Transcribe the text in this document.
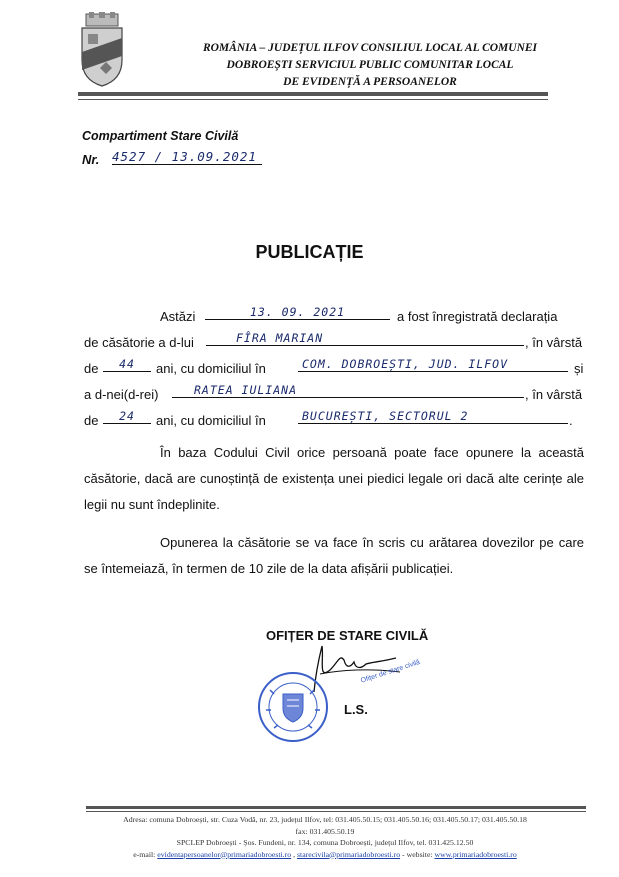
ROMÂNIA – JUDEȚUL ILFOV CONSILIUL LOCAL AL COMUNEI
DOBROEȘTI SERVICIUL PUBLIC COMUNITAR LOCAL
DE EVIDENȚĂ A PERSOANELOR
Compartiment Stare Civilă
Nr. 4527 / 13.09.2021
PUBLICAȚIE
Astăzi	13. 09. 2021	a fost înregistrată declarația
de căsătorie a d-lui	FÎRA MARIAN	, în vârstă
de	44	ani, cu domiciliul în	COM. DOBROEȘTI, JUD. ILFOV	și
a d-nei(d-rei)	RATEA IULIANA	, în vârstă
de	24	ani, cu domiciliul în	BUCUREȘTI, SECTORUL 2	.
În baza Codului Civil orice persoană poate face opunere la această căsătorie, dacă are cunoștință de existența unei piedici legale ori dacă alte cerințe ale legii nu sunt îndeplinite.
Opunerea la căsătorie se va face în scris cu arătarea dovezilor pe care se întemeiază, în termen de 10 zile de la data afișării publicației.
OFIȚER DE STARE CIVILĂ
Ofițer de stare civilă
L.S.
Adresa: comuna Dobroești, str. Cuza Vodă, nr. 23, județul Ilfov, tel: 031.405.50.15; 031.405.50.16; 031.405.50.17; 031.405.50.18
fax: 031.405.50.19
SPCLEP Dobroești - Șos. Fundeni, nr. 134, comuna Dobroești, județul Ilfov, tel. 031.425.12.50
e-mail: evidentapersoanelor@primariadobroesti.ro , starecivila@primariadobroesti.ro - website: www.primariadobroesti.ro
